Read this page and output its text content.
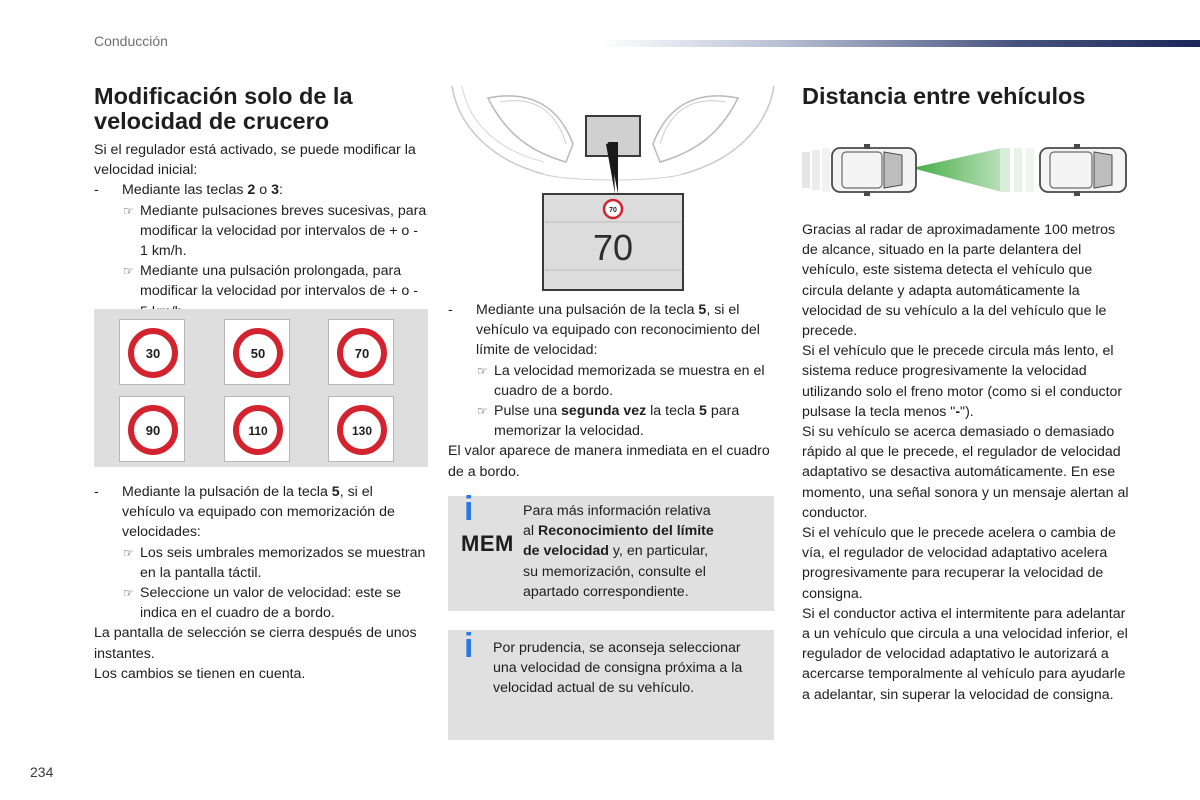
Conducción
Modificación solo de la
velocidad de crucero

Si el regulador está activado, se puede modificar la velocidad inicial:

- Mediante las teclas 2 o 3:

☞ Mediante pulsaciones breves sucesivas, para modificar la velocidad por intervalos de + o - 1 km/h.

☞ Mediante una pulsación prolongada, para modificar la velocidad por intervalos de + o -

30	50	70
90	110	130

- Mediante la pulsación de la tecla 5, si el vehículo va equipado con memorización de velocidades:

☞ Los seis umbrales memorizados se muestran en la pantalla táctil.

☞ Seleccione un valor de velocidad: este se indica en el cuadro de a bordo.

La pantalla de selección se cierra después de unos instantes.

Los cambios se tienen en cuenta.

70
70

- Mediante una pulsación de la tecla 5, si el vehículo va equipado con reconocimiento del límite de velocidad:

☞ La velocidad memorizada se muestra en el cuadro de a bordo.

☞ Pulse una segunda vez la tecla 5 para memorizar la velocidad.

El valor aparece de manera inmediata en el cuadro de a bordo.

i
MEM

Para más información relativa

al Reconocimiento del límite

de velocidad y, en particular,

su memorización, consulte el

apartado correspondiente.

i Por prudencia, se aconseja seleccionar una velocidad de consigna próxima a la velocidad actual de su vehículo.

Distancia entre vehículos

Gracias al radar de aproximadamente 100 metros de alcance, situado en la parte delantera del vehículo, este sistema detecta el vehículo que circula delante y adapta automáticamente la velocidad de su vehículo a la del vehículo que le precede.

Si el vehículo que le precede circula más lento, el sistema reduce progresivamente la velocidad utilizando solo el freno motor (como si el conductor pulsase la tecla menos "-").

Si su vehículo se acerca demasiado o demasiado rápido al que le precede, el regulador de velocidad adaptativo se desactiva automáticamente. En ese momento, una señal sonora y un mensaje alertan al conductor.

Si el vehículo que le precede acelera o cambia de vía, el regulador de velocidad adaptativo acelera progresivamente para recuperar la velocidad de consigna.

Si el conductor activa el intermitente para adelantar a un vehículo que circula a una velocidad inferior, el regulador de velocidad adaptativo le autorizará a acercarse temporalmente al vehículo para ayudarle a adelantar, sin superar la velocidad de consigna.

234
